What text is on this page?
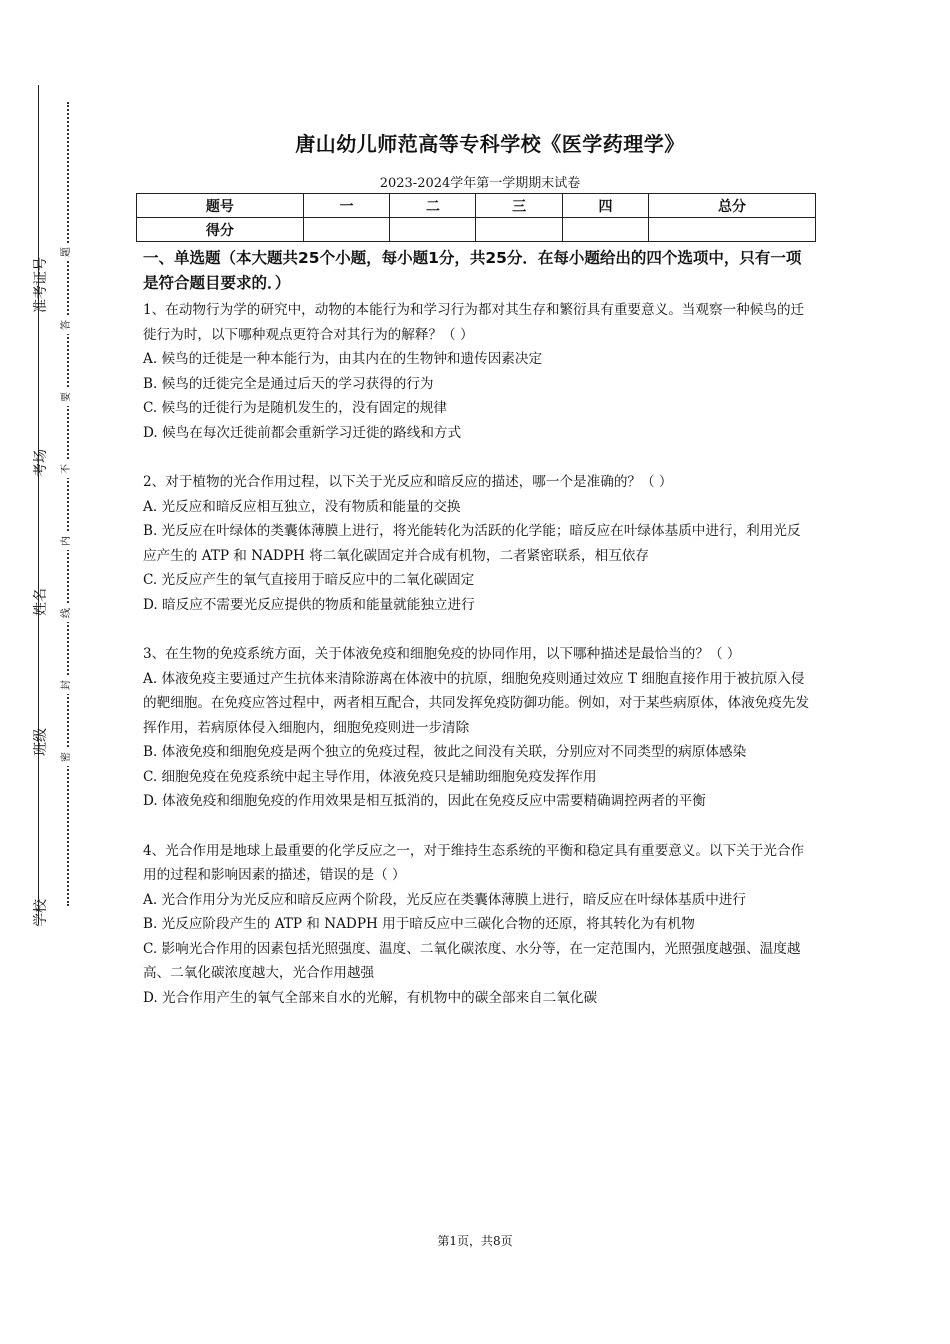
准考证号
考场
姓名
班级
学校
题
答
要
不
内
线
封
密
唐山幼儿师范高等专科学校《医学药理学》
2023-2024学年第一学期期末试卷
题号	一	二	三	四	总分
得分					
一、单选题（本大题共25个小题，每小题1分，共25分．在每小题给出的四个选项中，只有一项是符合题目要求的．）

1、在动物行为学的研究中，动物的本能行为和学习行为都对其生存和繁衍具有重要意义。当观察一种候鸟的迁徙行为时，以下哪种观点更符合对其行为的解释？（ ）

A. 候鸟的迁徙是一种本能行为，由其内在的生物钟和遗传因素决定

B. 候鸟的迁徙完全是通过后天的学习获得的行为

C. 候鸟的迁徙行为是随机发生的，没有固定的规律

D. 候鸟在每次迁徙前都会重新学习迁徙的路线和方式

2、对于植物的光合作用过程，以下关于光反应和暗反应的描述，哪一个是准确的？（ ）

A. 光反应和暗反应相互独立，没有物质和能量的交换

B. 光反应在叶绿体的类囊体薄膜上进行，将光能转化为活跃的化学能；暗反应在叶绿体基质中进行，利用光反应产生的 ATP 和 NADPH 将二氧化碳固定并合成有机物，二者紧密联系，相互依存

C. 光反应产生的氧气直接用于暗反应中的二氧化碳固定

D. 暗反应不需要光反应提供的物质和能量就能独立进行

3、在生物的免疫系统方面，关于体液免疫和细胞免疫的协同作用，以下哪种描述是最恰当的？（ ）

A. 体液免疫主要通过产生抗体来清除游离在体液中的抗原，细胞免疫则通过效应 T 细胞直接作用于被抗原入侵的靶细胞。在免疫应答过程中，两者相互配合，共同发挥免疫防御功能。例如，对于某些病原体，体液免疫先发挥作用，若病原体侵入细胞内，细胞免疫则进一步清除

B. 体液免疫和细胞免疫是两个独立的免疫过程，彼此之间没有关联，分别应对不同类型的病原体感染

C. 细胞免疫在免疫系统中起主导作用，体液免疫只是辅助细胞免疫发挥作用

D. 体液免疫和细胞免疫的作用效果是相互抵消的，因此在免疫反应中需要精确调控两者的平衡

4、光合作用是地球上最重要的化学反应之一，对于维持生态系统的平衡和稳定具有重要意义。以下关于光合作用的过程和影响因素的描述，错误的是（ ）

A. 光合作用分为光反应和暗反应两个阶段，光反应在类囊体薄膜上进行，暗反应在叶绿体基质中进行

B. 光反应阶段产生的 ATP 和 NADPH 用于暗反应中三碳化合物的还原，将其转化为有机物

C. 影响光合作用的因素包括光照强度、温度、二氧化碳浓度、水分等，在一定范围内，光照强度越强、温度越高、二氧化碳浓度越大，光合作用越强

D. 光合作用产生的氧气全部来自水的光解，有机物中的碳全部来自二氧化碳

第1页，共8页
